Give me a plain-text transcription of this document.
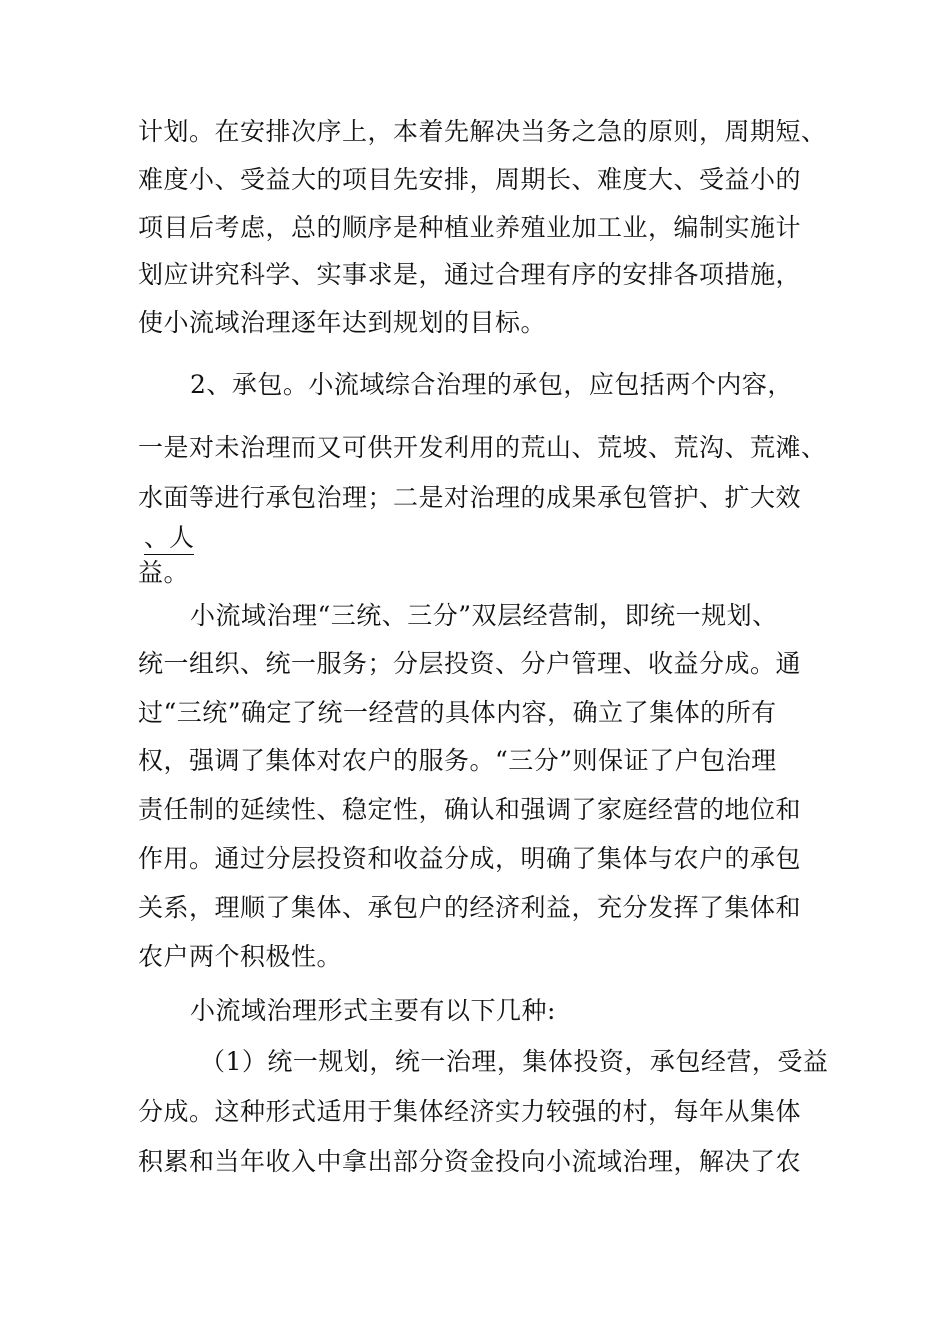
计划。在安排次序上，本着先解决当务之急的原则，周期短、
难度小、受益大的项目先安排，周期长、难度大、受益小的
项目后考虑，总的顺序是种植业养殖业加工业，编制实施计
划应讲究科学、实事求是，通过合理有序的安排各项措施，
使小流域治理逐年达到规划的目标。
2、承包。小流域综合治理的承包，应包括两个内容，
一是对未治理而又可供开发利用的荒山、荒坡、荒沟、荒滩、
水面等进行承包治理；二是对治理的成果承包管护、扩大效
、人
益。
小流域治理“三统、三分”双层经营制，即统一规划、
统一组织、统一服务；分层投资、分户管理、收益分成。通
过“三统”确定了统一经营的具体内容，确立了集体的所有
权，强调了集体对农户的服务。“三分”则保证了户包治理
责任制的延续性、稳定性，确认和强调了家庭经营的地位和
作用。通过分层投资和收益分成，明确了集体与农户的承包
关系，理顺了集体、承包户的经济利益，充分发挥了集体和
农户两个积极性。
小流域治理形式主要有以下几种:
（1）统一规划，统一治理，集体投资，承包经营，受益
分成。这种形式适用于集体经济实力较强的村，每年从集体
积累和当年收入中拿出部分资金投向小流域治理，解决了农
